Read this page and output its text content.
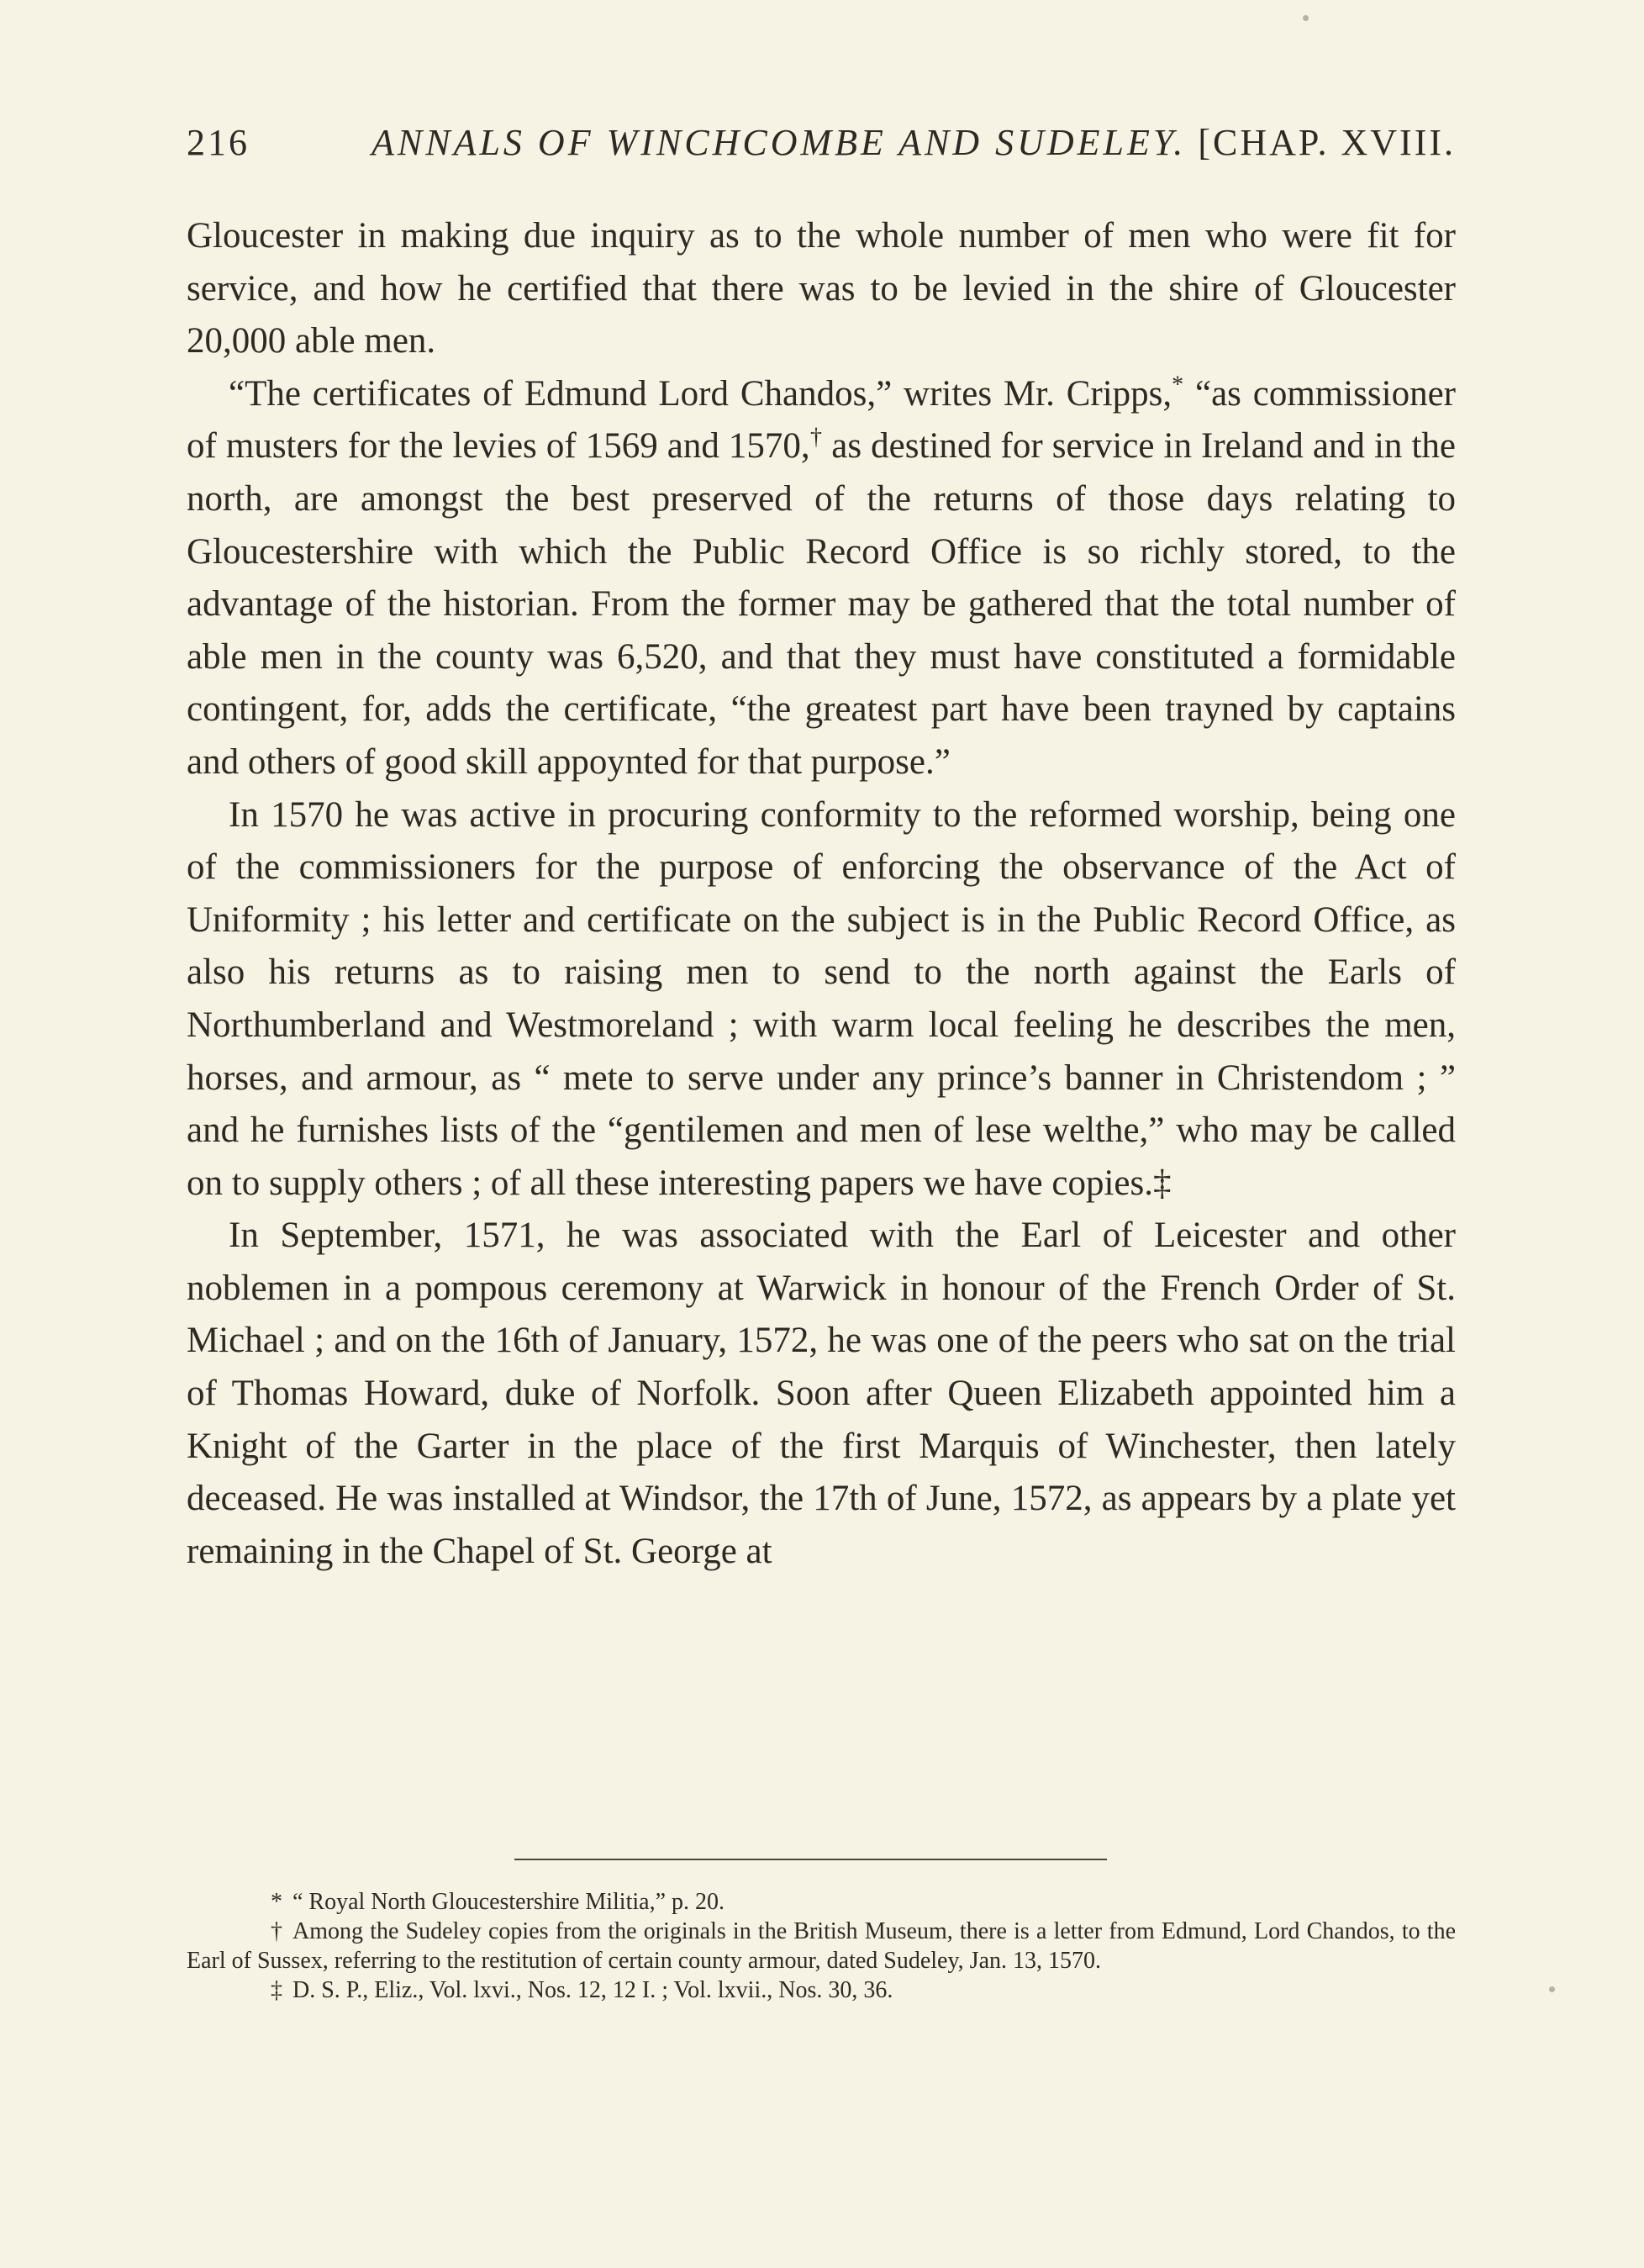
216	ANNALS OF WINCHCOMBE AND SUDELEY. [CHAP. XVIII.

Gloucester in making due inquiry as to the whole number of men who were fit for service, and how he certified that there was to be levied in the shire of Gloucester 20,000 able men.

“The certificates of Edmund Lord Chandos,” writes Mr. Cripps,* “as commissioner of musters for the levies of 1569 and 1570,† as destined for service in Ireland and in the north, are amongst the best preserved of the returns of those days relating to Gloucestershire with which the Public Record Office is so richly stored, to the advantage of the historian. From the former may be gathered that the total number of able men in the county was 6,520, and that they must have constituted a formidable contingent, for, adds the certificate, “the greatest part have been trayned by captains and others of good skill appoynted for that purpose.”

In 1570 he was active in procuring conformity to the reformed worship, being one of the commissioners for the purpose of enforcing the observance of the Act of Uniformity ; his letter and certificate on the subject is in the Public Record Office, as also his returns as to raising men to send to the north against the Earls of Northumberland and Westmoreland ; with warm local feeling he describes the men, horses, and armour, as “ mete to serve under any prince’s banner in Christendom ; ” and he furnishes lists of the “gentilemen and men of lese welthe,” who may be called on to supply others ; of all these interesting papers we have copies.‡

In September, 1571, he was associated with the Earl of Leicester and other noblemen in a pompous ceremony at Warwick in honour of the French Order of St. Michael ; and on the 16th of January, 1572, he was one of the peers who sat on the trial of Thomas Howard, duke of Norfolk. Soon after Queen Elizabeth appointed him a Knight of the Garter in the place of the first Marquis of Winchester, then lately deceased. He was installed at Windsor, the 17th of June, 1572, as appears by a plate yet remaining in the Chapel of St. George at

* “ Royal North Gloucestershire Militia,” p. 20.

† Among the Sudeley copies from the originals in the British Museum, there is a letter from Edmund, Lord Chandos, to the Earl of Sussex, referring to the restitution of certain county armour, dated Sudeley, Jan. 13, 1570.

‡ D. S. P., Eliz., Vol. lxvi., Nos. 12, 12 I. ; Vol. lxvii., Nos. 30, 36.
